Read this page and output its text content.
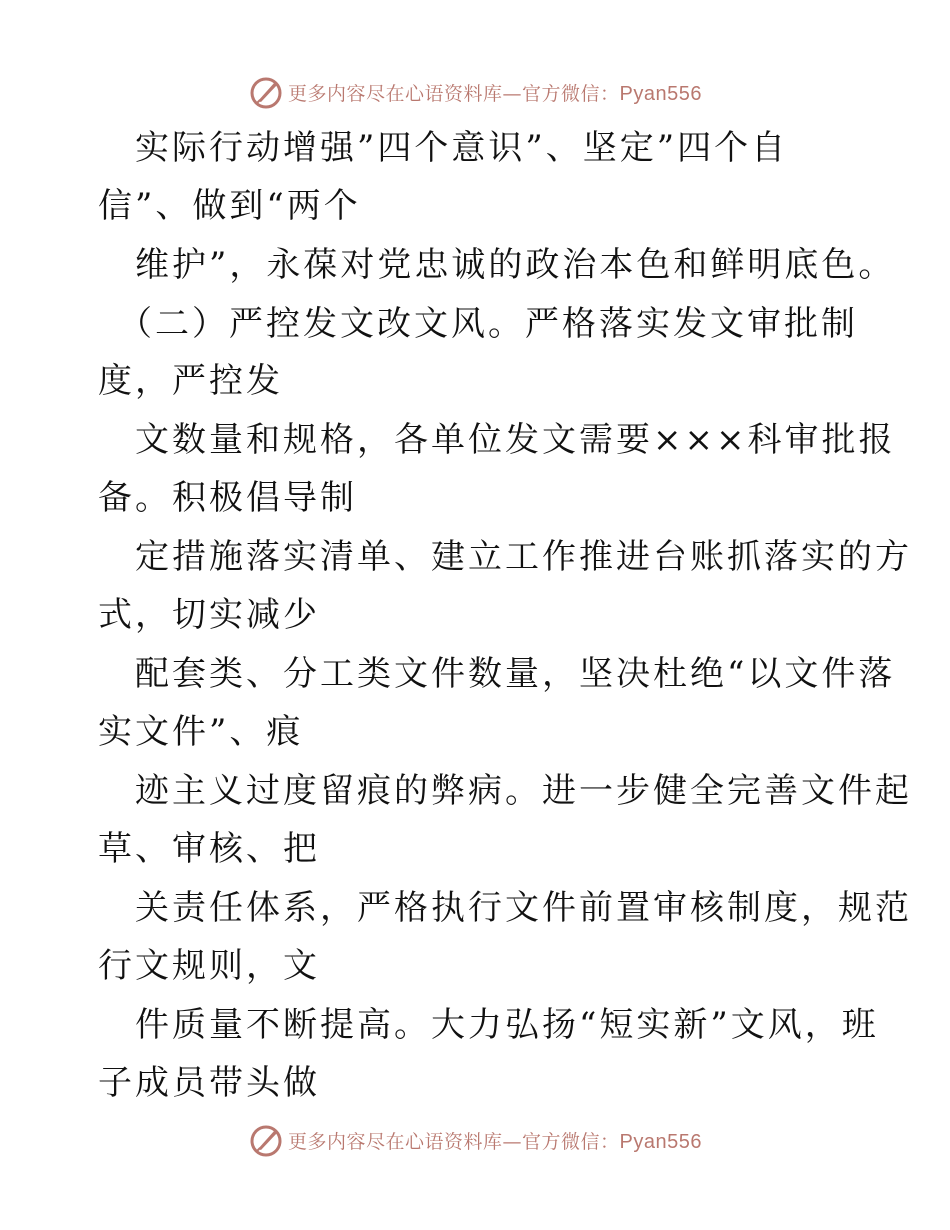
更多内容尽在心语资料库—官方微信：Pyan556
　实际行动增强”四个意识”、坚定”四个自
信”、做到“两个
　维护”，永葆对党忠诚的政治本色和鲜明底色。
　（二）严控发文改文风。严格落实发文审批制
度，严控发
　文数量和规格，各单位发文需要×××科审批报
备。积极倡导制
　定措施落实清单、建立工作推进台账抓落实的方
式，切实减少
　配套类、分工类文件数量，坚决杜绝“以文件落
实文件”、痕
　迹主义过度留痕的弊病。进一步健全完善文件起
草、审核、把
　关责任体系，严格执行文件前置审核制度，规范
行文规则，文
　件质量不断提高。大力弘扬“短实新”文风，班
子成员带头做
更多内容尽在心语资料库—官方微信：Pyan556
